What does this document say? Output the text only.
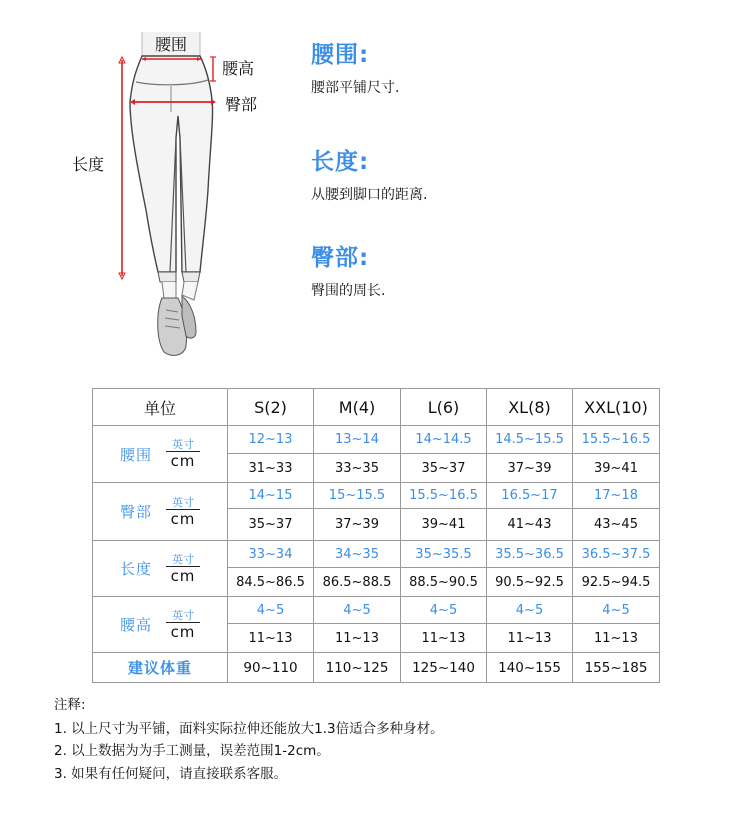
腰围
腰高
臀部
长度
腰围:
腰部平铺尺寸.
长度:
从腰到脚口的距离.
臀部:
臀围的周长.
单位	S(2)	M(4)	L(6)	XL(8)	XXL(10)

腰围
英寸
cm	12~13	13~14	14~14.5	14.5~15.5	15.5~16.5
	31~33	33~35	35~37	37~39	39~41

臀部
英寸
cm	14~15	15~15.5	15.5~16.5	16.5~17	17~18
	35~37	37~39	39~41	41~43	43~45

长度
英寸
cm	33~34	34~35	35~35.5	35.5~36.5	36.5~37.5
	84.5~86.5	86.5~88.5	88.5~90.5	90.5~92.5	92.5~94.5

腰高
英寸
cm	4~5	4~5	4~5	4~5	4~5
	11~13	11~13	11~13	11~13	11~13
建议体重	90~110	110~125	125~140	140~155	155~185
注释:
1. 以上尺寸为平铺，面料实际拉伸还能放大1.3倍适合多种身材。
2. 以上数据为为手工测量，误差范围1-2cm。
3. 如果有任何疑问，请直接联系客服。
